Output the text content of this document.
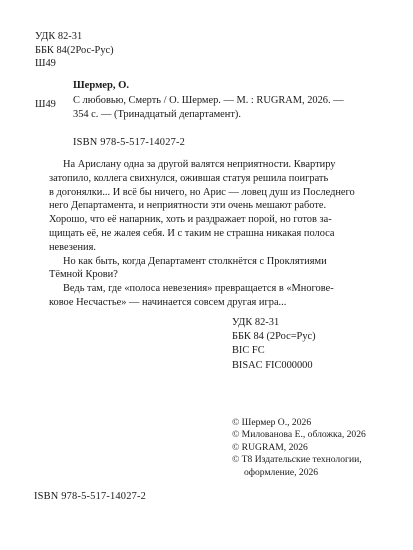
УДК 82-31
ББК 84(2Рос-Рус)
Ш49
Шермер, О.
Ш49 С любовью, Смерть / О. Шермер. — М. : RUGRAM, 2026. —
354 с. — (Тринадцатый департамент).
ISBN 978-5-517-14027-2
На Арислану одна за другой валятся неприятности. Квартиру
затопило, коллега свихнулся, ожившая статуя решила поиграть
в догонялки... И всё бы ничего, но Арис — ловец душ из Последнего
него Департамента, и неприятности эти очень мешают работе.
Хорошо, что её напарник, хоть и раздражает порой, но готов за-
щищать её, не жалея себя. И с таким не страшна никакая полоса
невезения.
Но как быть, когда Департамент столкнётся с Проклятиями
Тёмной Крови?
Ведь там, где «полоса невезения» превращается в «Многове-
ковое Несчастье» — начинается совсем другая игра...
УДК 82-31
ББК 84 (2Рос=Рус)
BIC FC
BISAC FIC000000
© Шермер О., 2026
© Милованова Е., обложка, 2026
© RUGRAM, 2026
© Т8 Издательские технологии,
оформление, 2026
ISBN 978-5-517-14027-2
